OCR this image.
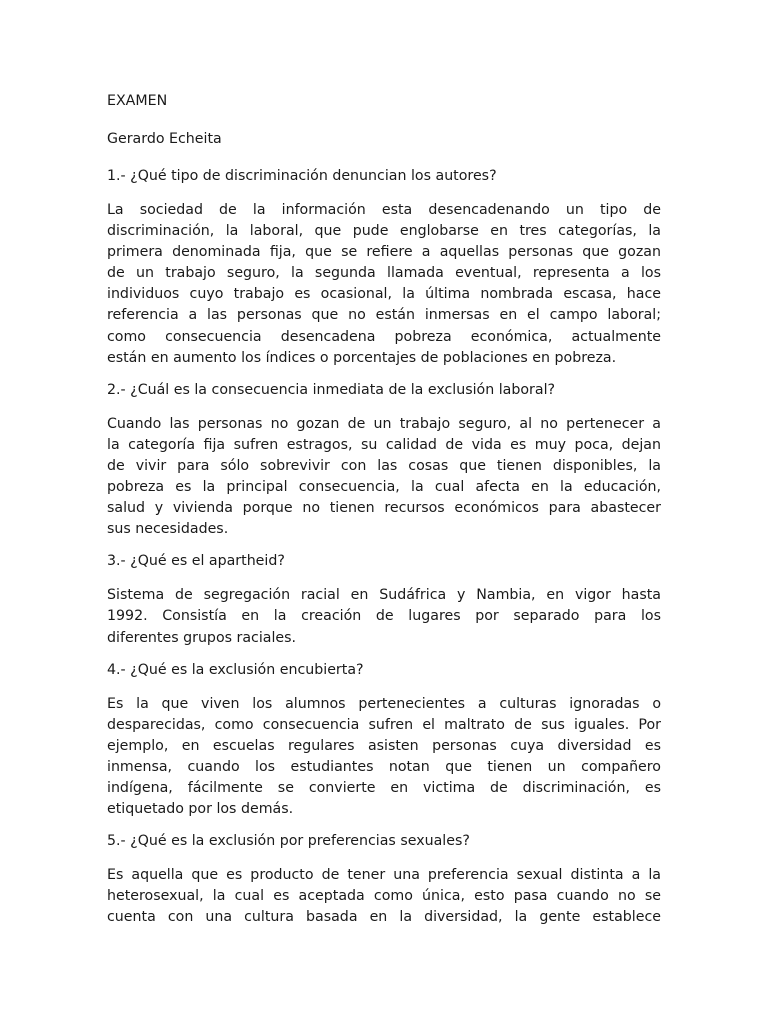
EXAMEN

Gerardo Echeita

1.- ¿Qué tipo de discriminación denuncian los autores?

La sociedad de la información esta desencadenando un tipo de
discriminación, la laboral, que pude englobarse en tres categorías, la
primera denominada fija, que se refiere a aquellas personas que gozan
de un trabajo seguro, la segunda llamada eventual, representa a los
individuos cuyo trabajo es ocasional, la última nombrada escasa, hace
referencia a las personas que no están inmersas en el campo laboral;
como consecuencia desencadena pobreza económica, actualmente
están en aumento los índices o porcentajes de poblaciones en pobreza.

2.- ¿Cuál es la consecuencia inmediata de la exclusión laboral?

Cuando las personas no gozan de un trabajo seguro, al no pertenecer a
la categoría fija sufren estragos, su calidad de vida es muy poca, dejan
de vivir para sólo sobrevivir con las cosas que tienen disponibles, la
pobreza es la principal consecuencia, la cual afecta en la educación,
salud y vivienda porque no tienen recursos económicos para abastecer
sus necesidades.

3.- ¿Qué es el apartheid?

Sistema de segregación racial en Sudáfrica y Nambia, en vigor hasta
1992. Consistía en la creación de lugares por separado para los
diferentes grupos raciales.

4.- ¿Qué es la exclusión encubierta?

Es la que viven los alumnos pertenecientes a culturas ignoradas o
desparecidas, como consecuencia sufren el maltrato de sus iguales. Por
ejemplo, en escuelas regulares asisten personas cuya diversidad es
inmensa, cuando los estudiantes notan que tienen un compañero
indígena, fácilmente se convierte en victima de discriminación, es
etiquetado por los demás.

5.- ¿Qué es la exclusión por preferencias sexuales?

Es aquella que es producto de tener una preferencia sexual distinta a la
heterosexual, la cual es aceptada como única, esto pasa cuando no se
cuenta con una cultura basada en la diversidad, la gente establece
